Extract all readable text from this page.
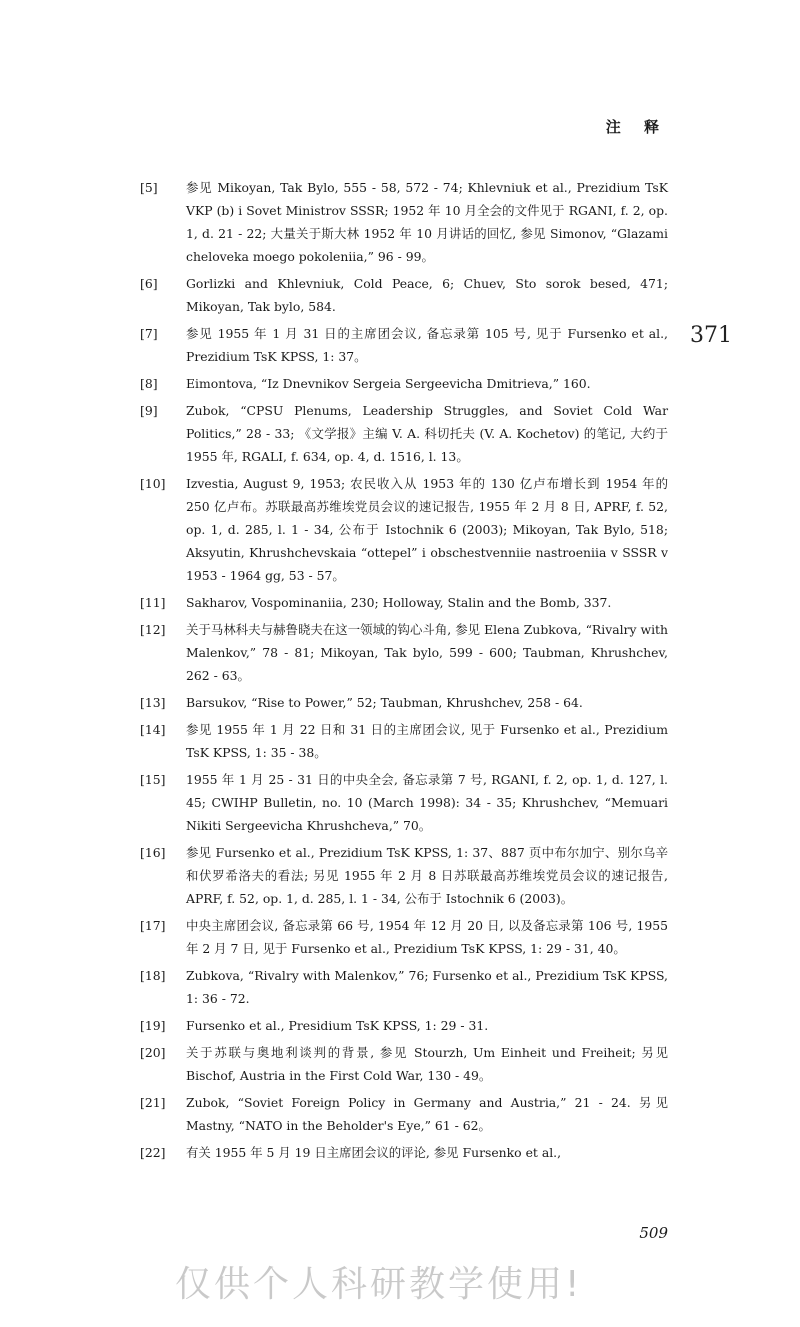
注 释
371
[5] 参见 Mikoyan, Tak Bylo, 555 - 58, 572 - 74; Khlevniuk et al., Prezidium TsK VKP (b) i Sovet Ministrov SSSR; 1952 年 10 月全会的文件见于 RGANI, f. 2, op. 1, d. 21 - 22; 大量关于斯大林 1952 年 10 月讲话的回忆, 参见 Simonov, “Glazami cheloveka moego pokoleniia,” 96 - 99。
[6] Gorlizki and Khlevniuk, Cold Peace, 6; Chuev, Sto sorok besed, 471; Mikoyan, Tak bylo, 584.
[7] 参见 1955 年 1 月 31 日的主席团会议, 备忘录第 105 号, 见于 Fursenko et al., Prezidium TsK KPSS, 1: 37。
[8] Eimontova, “Iz Dnevnikov Sergeia Sergeevicha Dmitrieva,” 160.
[9] Zubok, “CPSU Plenums, Leadership Struggles, and Soviet Cold War Politics,” 28 - 33; 《文学报》主编 V. A. 科切托夫 (V. A. Kochetov) 的笔记, 大约于 1955 年, RGALI, f. 634, op. 4, d. 1516, l. 13。
[10] Izvestia, August 9, 1953; 农民收入从 1953 年的 130 亿卢布增长到 1954 年的 250 亿卢布。苏联最高苏维埃党员会议的速记报告, 1955 年 2 月 8 日, APRF, f. 52, op. 1, d. 285, l. 1 - 34, 公布于 Istochnik 6 (2003); Mikoyan, Tak Bylo, 518; Aksyutin, Khrushchevskaia “ottepel” i obschestvenniie nastroeniia v SSSR v 1953 - 1964 gg, 53 - 57。
[11] Sakharov, Vospominaniia, 230; Holloway, Stalin and the Bomb, 337.
[12] 关于马林科夫与赫鲁晓夫在这一领域的钩心斗角, 参见 Elena Zubkova, “Rivalry with Malenkov,” 78 - 81; Mikoyan, Tak bylo, 599 - 600; Taubman, Khrushchev, 262 - 63。
[13] Barsukov, “Rise to Power,” 52; Taubman, Khrushchev, 258 - 64.
[14] 参见 1955 年 1 月 22 日和 31 日的主席团会议, 见于 Fursenko et al., Prezidium TsK KPSS, 1: 35 - 38。
[15] 1955 年 1 月 25 - 31 日的中央全会, 备忘录第 7 号, RGANI, f. 2, op. 1, d. 127, l. 45; CWIHP Bulletin, no. 10 (March 1998): 34 - 35; Khrushchev, “Memuari Nikiti Sergeevicha Khrushcheva,” 70。
[16] 参见 Fursenko et al., Prezidium TsK KPSS, 1: 37、887 页中布尔加宁、别尔乌辛和伏罗希洛夫的看法; 另见 1955 年 2 月 8 日苏联最高苏维埃党员会议的速记报告, APRF, f. 52, op. 1, d. 285, l. 1 - 34, 公布于 Istochnik 6 (2003)。
[17] 中央主席团会议, 备忘录第 66 号, 1954 年 12 月 20 日, 以及备忘录第 106 号, 1955 年 2 月 7 日, 见于 Fursenko et al., Prezidium TsK KPSS, 1: 29 - 31, 40。
[18] Zubkova, “Rivalry with Malenkov,” 76; Fursenko et al., Prezidium TsK KPSS, 1: 36 - 72.
[19] Fursenko et al., Presidium TsK KPSS, 1: 29 - 31.
[20] 关于苏联与奥地利谈判的背景, 参见 Stourzh, Um Einheit und Freiheit; 另见 Bischof, Austria in the First Cold War, 130 - 49。
[21] Zubok, “Soviet Foreign Policy in Germany and Austria,” 21 - 24. 另见 Mastny, “NATO in the Beholder's Eye,” 61 - 62。
[22] 有关 1955 年 5 月 19 日主席团会议的评论, 参见 Fursenko et al.,
509
仅供个人科研教学使用!
